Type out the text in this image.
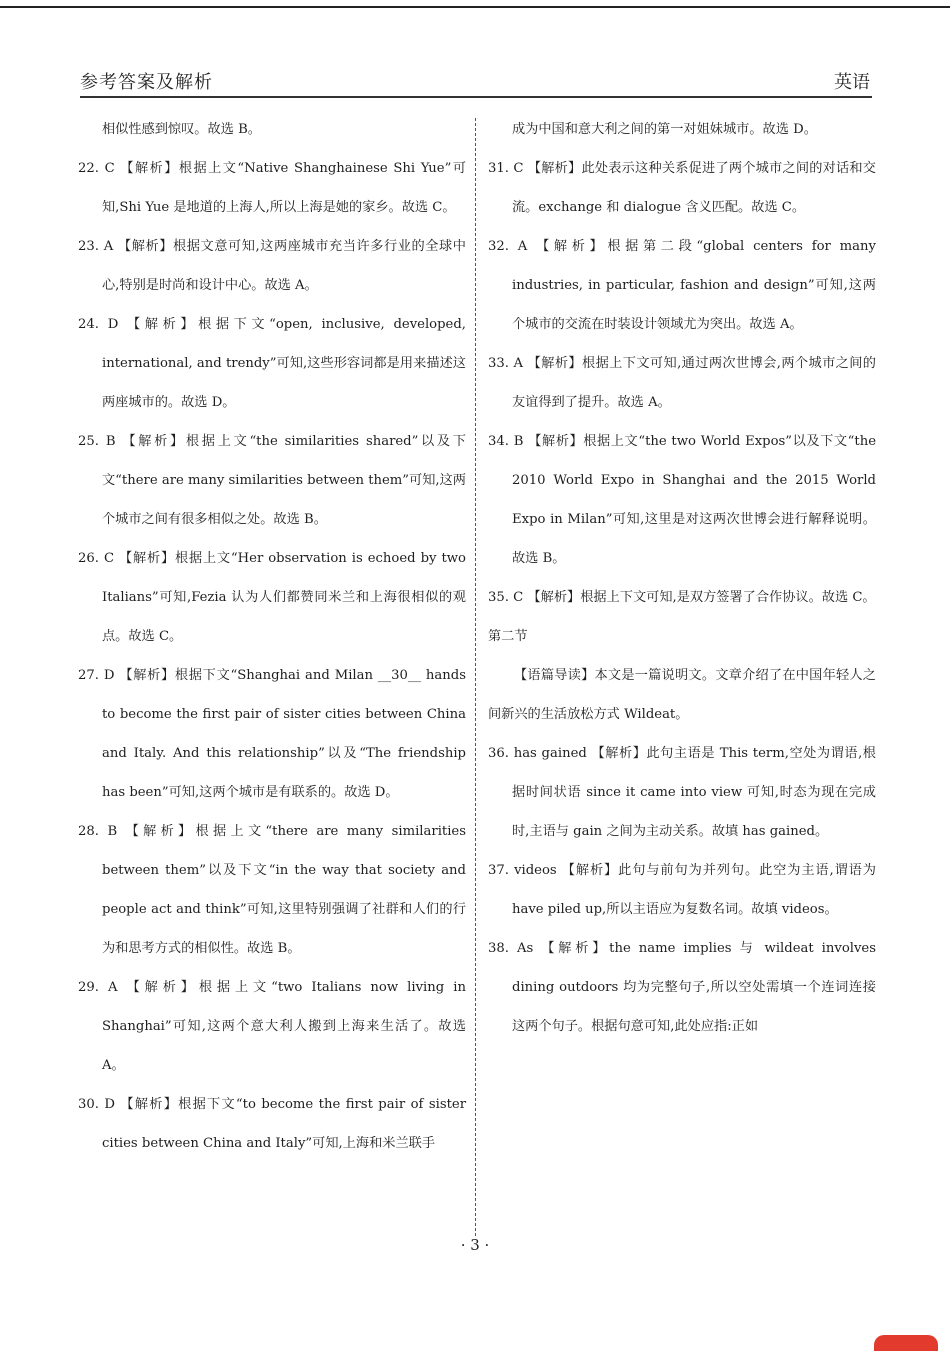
参考答案及解析	英语
相似性感到惊叹。故选 B。
22. C 【解析】根据上文“Native Shanghainese Shi Yue”可知,Shi Yue 是地道的上海人,所以上海是她的家乡。故选 C。
23. A 【解析】根据文意可知,这两座城市充当许多行业的全球中心,特别是时尚和设计中心。故选 A。
24. D 【解析】根据下文“open, inclusive, developed, international, and trendy”可知,这些形容词都是用来描述这两座城市的。故选 D。
25. B 【解析】根据上文“the similarities shared”以及下文“there are many similarities between them”可知,这两个城市之间有很多相似之处。故选 B。
26. C 【解析】根据上文“Her observation is echoed by two Italians”可知,Fezia 认为人们都赞同米兰和上海很相似的观点。故选 C。
27. D 【解析】根据下文“Shanghai and Milan __30__ hands to become the first pair of sister cities between China and Italy. And this relationship”以及“The friendship has been”可知,这两个城市是有联系的。故选 D。
28. B 【解析】根据上文“there are many similarities between them”以及下文“in the way that society and people act and think”可知,这里特别强调了社群和人们的行为和思考方式的相似性。故选 B。
29. A 【解析】根据上文“two Italians now living in Shanghai”可知,这两个意大利人搬到上海来生活了。故选 A。
30. D 【解析】根据下文“to become the first pair of sister cities between China and Italy”可知,上海和米兰联手
成为中国和意大利之间的第一对姐妹城市。故选 D。
31. C 【解析】此处表示这种关系促进了两个城市之间的对话和交流。exchange 和 dialogue 含义匹配。故选 C。
32. A 【解析】根据第二段“global centers for many industries, in particular, fashion and design”可知,这两个城市的交流在时装设计领域尤为突出。故选 A。
33. A 【解析】根据上下文可知,通过两次世博会,两个城市之间的友谊得到了提升。故选 A。
34. B 【解析】根据上文“the two World Expos”以及下文“the 2010 World Expo in Shanghai and the 2015 World Expo in Milan”可知,这里是对这两次世博会进行解释说明。故选 B。
35. C 【解析】根据上下文可知,是双方签署了合作协议。故选 C。
第二节
【语篇导读】本文是一篇说明文。文章介绍了在中国年轻人之间新兴的生活放松方式 Wildeat。
36. has gained 【解析】此句主语是 This term,空处为谓语,根据时间状语 since it came into view 可知,时态为现在完成时,主语与 gain 之间为主动关系。故填 has gained。
37. videos 【解析】此句与前句为并列句。此空为主语,谓语为 have piled up,所以主语应为复数名词。故填 videos。
38. As 【解析】the name implies 与 wildeat involves dining outdoors 均为完整句子,所以空处需填一个连词连接这两个句子。根据句意可知,此处应指:正如
· 3 ·
